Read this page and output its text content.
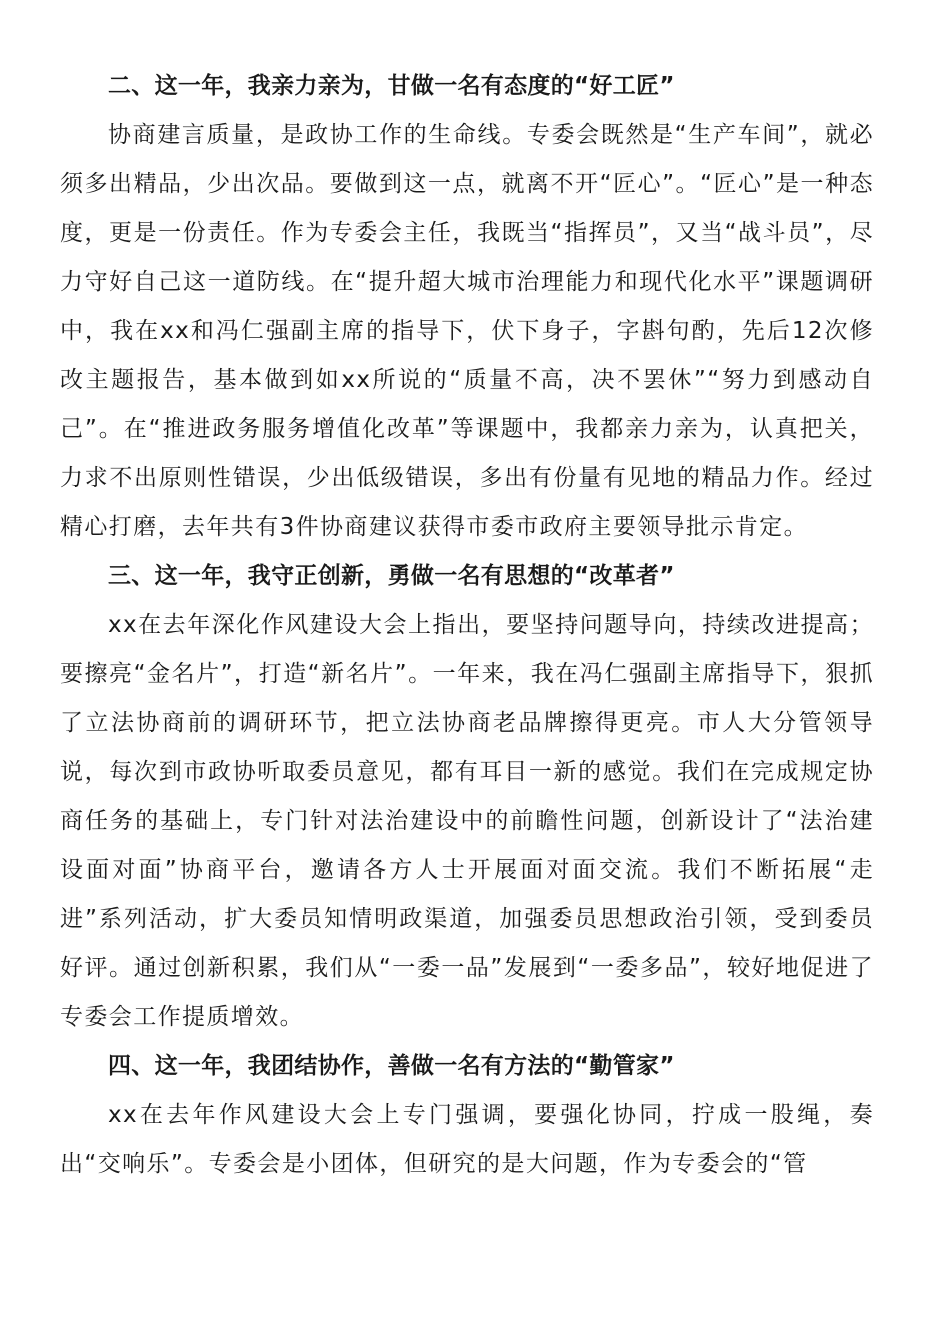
二、这一年，我亲力亲为，甘做一名有态度的“好工匠”

协商建言质量，是政协工作的生命线。专委会既然是“生产车间”，就必须多出精品，少出次品。要做到这一点，就离不开“匠心”。“匠心”是一种态度，更是一份责任。作为专委会主任，我既当“指挥员”，又当“战斗员”，尽力守好自己这一道防线。在“提升超大城市治理能力和现代化水平”课题调研中，我在xx和冯仁强副主席的指导下，伏下身子，字斟句酌，先后12次修改主题报告，基本做到如xx所说的“质量不高，决不罢休”“努力到感动自己”。在“推进政务服务增值化改革”等课题中，我都亲力亲为，认真把关，力求不出原则性错误，少出低级错误，多出有份量有见地的精品力作。经过精心打磨，去年共有3件协商建议获得市委市政府主要领导批示肯定。

三、这一年，我守正创新，勇做一名有思想的“改革者”

xx在去年深化作风建设大会上指出，要坚持问题导向，持续改进提高；要擦亮“金名片”，打造“新名片”。一年来，我在冯仁强副主席指导下，狠抓了立法协商前的调研环节，把立法协商老品牌擦得更亮。市人大分管领导说，每次到市政协听取委员意见，都有耳目一新的感觉。我们在完成规定协商任务的基础上，专门针对法治建设中的前瞻性问题，创新设计了“法治建设面对面”协商平台，邀请各方人士开展面对面交流。我们不断拓展“走进”系列活动，扩大委员知情明政渠道，加强委员思想政治引领，受到委员好评。通过创新积累，我们从“一委一品”发展到“一委多品”，较好地促进了专委会工作提质增效。

四、这一年，我团结协作，善做一名有方法的“勤管家”

xx在去年作风建设大会上专门强调，要强化协同，拧成一股绳，奏出“交响乐”。专委会是小团体，但研究的是大问题，作为专委会的“管
